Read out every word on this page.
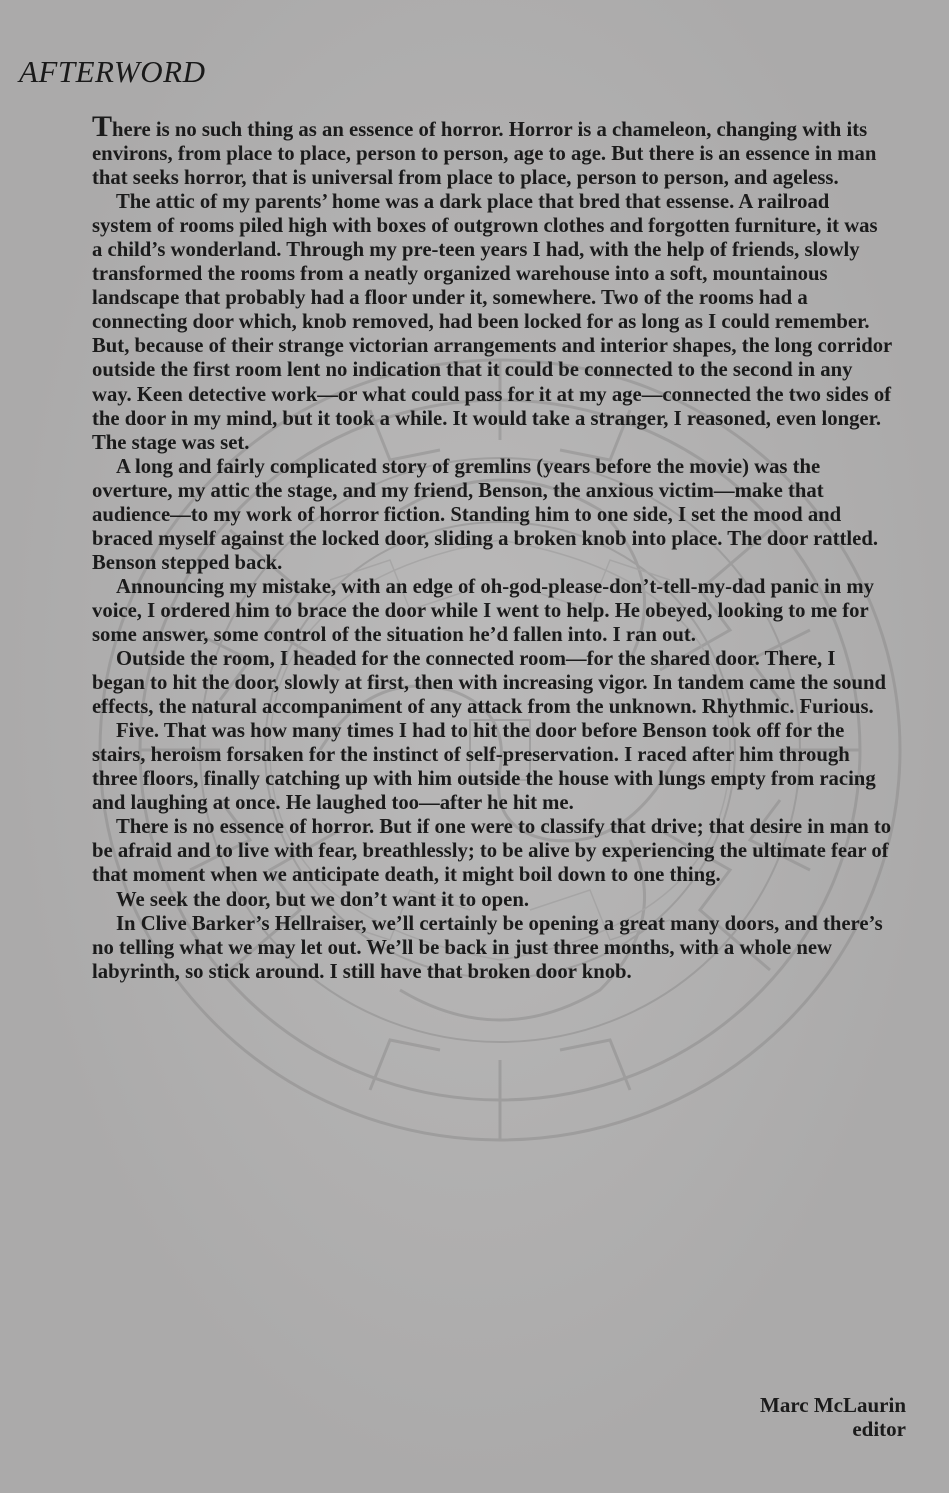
AFTERWORD

There is no such thing as an essence of horror. Horror is a chameleon, changing with its environs, from place to place, person to person, age to age. But there is an essence in man that seeks horror, that is universal from place to place, person to person, and ageless.

The attic of my parents’ home was a dark place that bred that essense. A railroad system of rooms piled high with boxes of outgrown clothes and forgotten furniture, it was a child’s wonderland. Through my pre-teen years I had, with the help of friends, slowly transformed the rooms from a neatly organized warehouse into a soft, mountainous landscape that probably had a floor under it, somewhere. Two of the rooms had a connecting door which, knob removed, had been locked for as long as I could remember. But, because of their strange victorian arrangements and interior shapes, the long corridor outside the first room lent no indication that it could be connected to the second in any way. Keen detective work—or what could pass for it at my age—connected the two sides of the door in my mind, but it took a while. It would take a stranger, I reasoned, even longer. The stage was set.

A long and fairly complicated story of gremlins (years before the movie) was the overture, my attic the stage, and my friend, Benson, the anxious victim—make that audience—to my work of horror fiction. Standing him to one side, I set the mood and braced myself against the locked door, sliding a broken knob into place. The door rattled. Benson stepped back.

Announcing my mistake, with an edge of oh-god-please-don’t-tell-my-dad panic in my voice, I ordered him to brace the door while I went to help. He obeyed, looking to me for some answer, some control of the situation he’d fallen into. I ran out.

Outside the room, I headed for the connected room—for the shared door. There, I began to hit the door, slowly at first, then with increasing vigor. In tandem came the sound effects, the natural accompaniment of any attack from the unknown. Rhythmic. Furious.

Five. That was how many times I had to hit the door before Benson took off for the stairs, heroism forsaken for the instinct of self-preservation. I raced after him through three floors, finally catching up with him outside the house with lungs empty from racing and laughing at once. He laughed too—after he hit me.

There is no essence of horror. But if one were to classify that drive; that desire in man to be afraid and to live with fear, breathlessly; to be alive by experiencing the ultimate fear of that moment when we anticipate death, it might boil down to one thing.

We seek the door, but we don’t want it to open.

In Clive Barker’s Hellraiser, we’ll certainly be opening a great many doors, and there’s no telling what we may let out. We’ll be back in just three months, with a whole new labyrinth, so stick around. I still have that broken door knob.

Marc McLaurin
editor
